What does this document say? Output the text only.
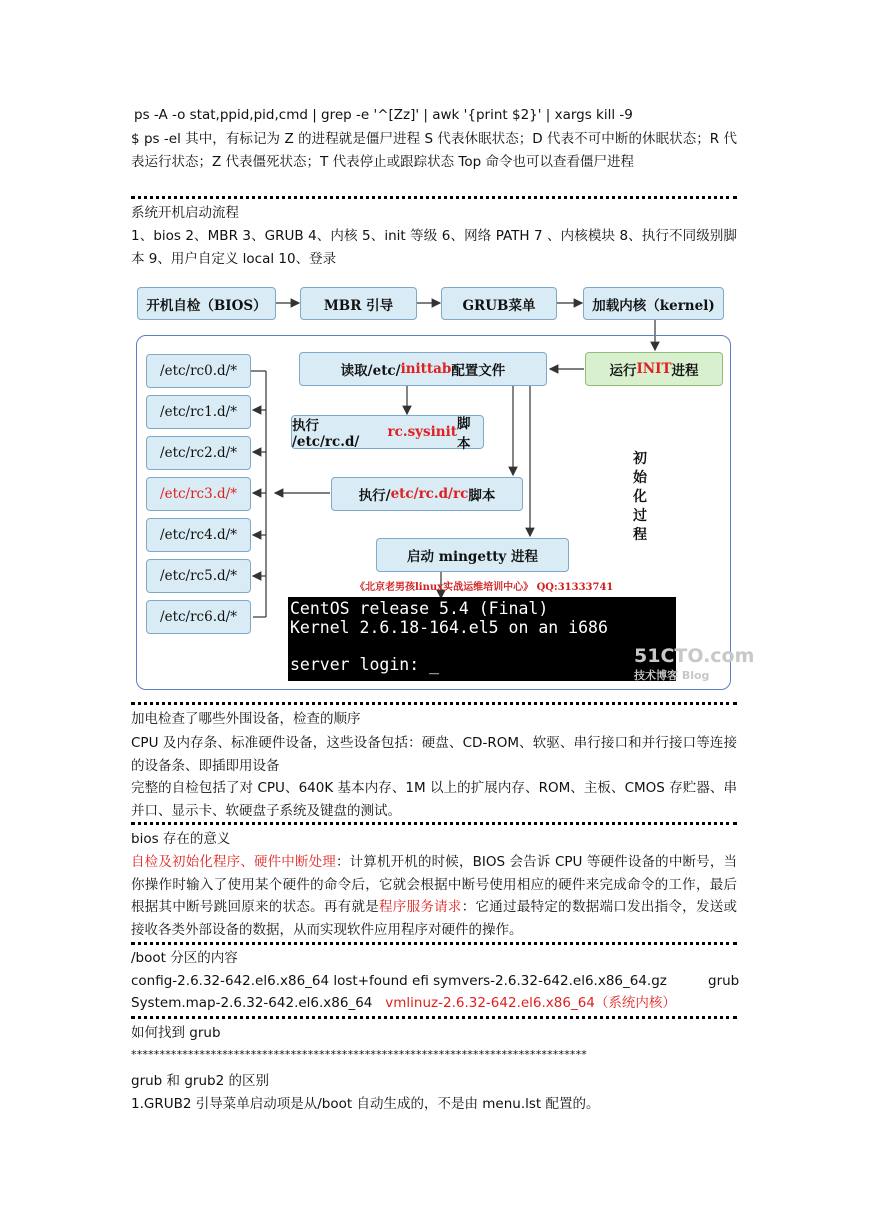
ps -A -o stat,ppid,pid,cmd | grep -e '^[Zz]' | awk '{print $2}' | xargs kill -9
$ ps -el 其中，有标记为 Z 的进程就是僵尸进程 S 代表休眠状态；D 代表不可中断的休眠状态；R 代表运行状态；Z 代表僵死状态；T 代表停止或跟踪状态 Top 命令也可以查看僵尸进程
系统开机启动流程
1、bios 2、MBR 3、GRUB 4、内核 5、init 等级 6、网络 PATH 7 、内核模块 8、执行不同级别脚本 9、用户自定义 local 10、登录
开机自检（BIOS）	MBR 引导	GRUB菜单	加载内核（kernel)
运行 INIT 进程
读取/etc/ inittab 配置文件
执行 /etc/rc.d/
rc.sysinit 脚本
执行/ etc/rc.d/ rc 脚本
启动 mingetty 进程
/etc/rc0.d/*
/etc/rc1.d/*
/etc/rc2.d/*
/etc/rc3.d/*
/etc/rc4.d/*
/etc/rc5.d/*
/etc/rc6.d/*
初
始
化
过
程
《北京老男孩linux实战运维培训中心》 QQ:31333741
CentOS release 5.4 (Final)
Kernel 2.6.18-164.el5 on an i686

server login: _	51CTO.com
技术博客 Blog
加电检查了哪些外围设备，检查的顺序
CPU 及内存条、标准硬件设备，这些设备包括：硬盘、CD-ROM、软驱、串行接口和并行接口等连接的设备条、即插即用设备
完整的自检包括了对 CPU、640K 基本内存、1M 以上的扩展内存、ROM、主板、CMOS 存贮器、串并口、显示卡、软硬盘子系统及键盘的测试。
bios 存在的意义
自检及初始化程序、硬件中断处理：计算机开机的时候，BIOS 会告诉 CPU 等硬件设备的中断号，当你操作时输入了使用某个硬件的命令后，它就会根据中断号使用相应的硬件来完成命令的工作，最后根据其中断号跳回原来的状态。再有就是程序服务请求：它通过最特定的数据端口发出指令，发送或接收各类外部设备的数据，从而实现软件应用程序对硬件的操作。
/boot 分区的内容
config-2.6.32-642.el6.x86_64 lost+found efi symvers-2.6.32-642.el6.x86_64.gz	grub
System.map-2.6.32-642.el6.x86_64 vmlinuz-2.6.32-642.el6.x86_64（系统内核）
如何找到 grub
********************************************************************************
grub 和 grub2 的区别
1.GRUB2 引导菜单启动项是从/boot 自动生成的，不是由 menu.lst 配置的。
